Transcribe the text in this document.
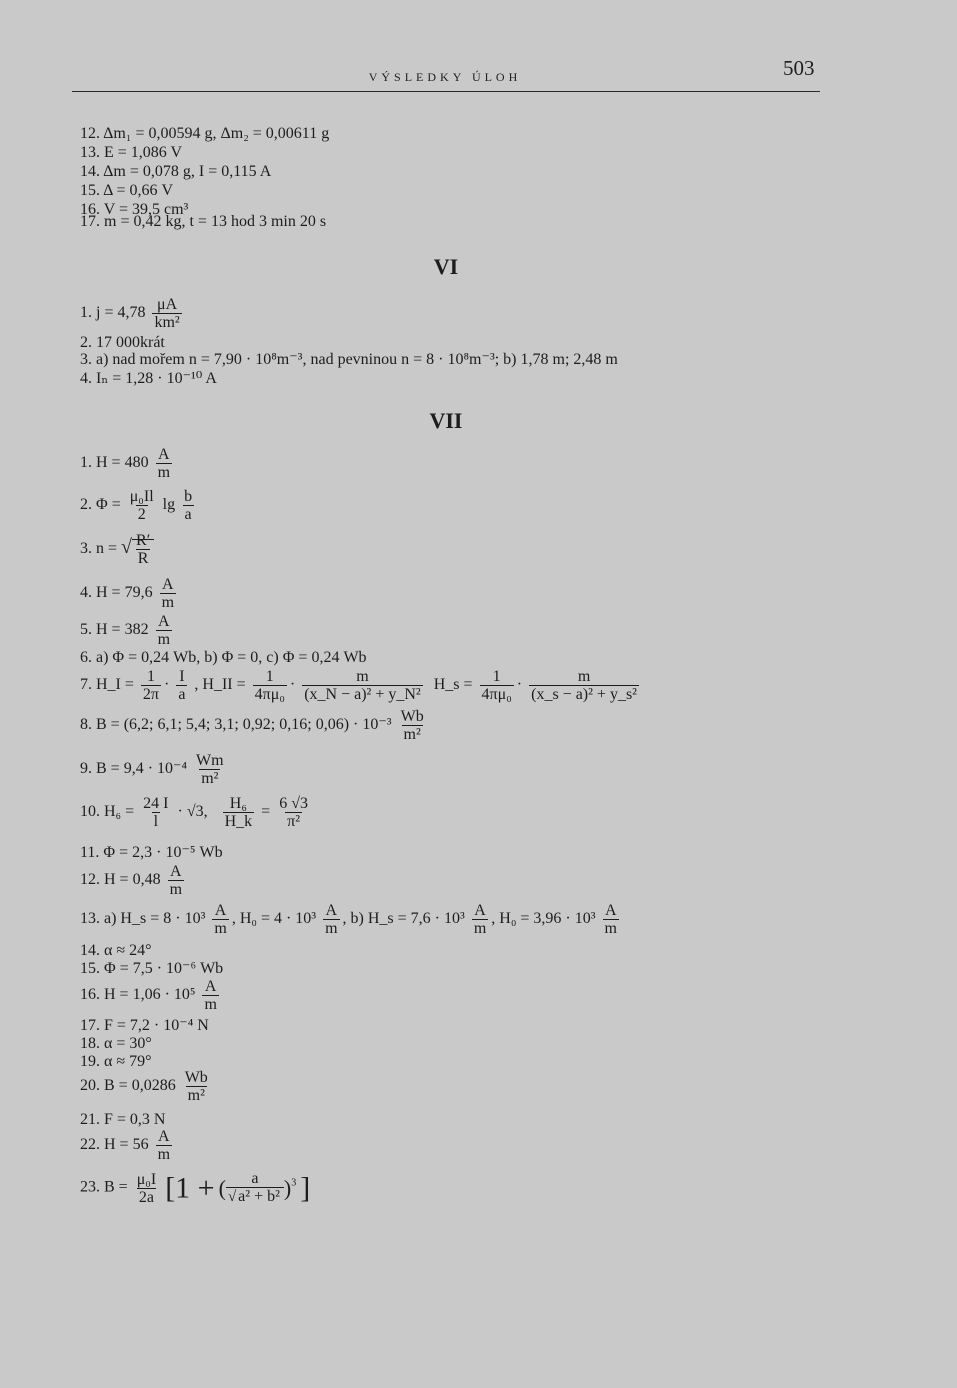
VÝSLEDKY ÚLOH	503
12. Δm₁ = 0,00594 g, Δm₂ = 0,00611 g
13. E = 1,086 V
14. Δm = 0,078 g, I = 0,115 A
15. Δ = 0,66 V
16. V = 39,5 cm³
17. m = 0,42 kg, t = 13 hod 3 min 20 s
VI
1. $j = 4,78 \frac{\mu A}{\text{km²}}$
2. 17 000krát
3. a) nad mořem n = 7,90 · 10⁸m⁻³, nad pevninou n = 8 · 10⁸m⁻³; b) 1,78 m; 2,48 m
4. Iₙ = 1,28 · 10⁻¹⁰ A
VII
1. $H = 480 \frac{A}{m}$
2. $\Phi = \frac{\text{μ₀Il}}{2}$ $\lg \frac{b}{a}$
3. n = √ $\frac{R'}{R}$
4. $H = 79,6 \frac{A}{m}$
5. $H = 382 \frac{A}{m}$
6. a) Φ = 0,24 Wb, b) Φ = 0, c) Φ = 0,24 Wb
7. H_I = $\frac{1}{2\pi} \cdot \frac{I}{a}$ , H_II = $\frac{1}{\text{4πμ₀}} \cdot \frac{m}{\text{(x\_N − a)² + y\_N²}}$ H_s = $\frac{1}{\text{4πμ₀}} \cdot \frac{m}{\text{(x\_s − a)² + y\_s²}}$
8. B = (6,2; 6,1; 5,4; 3,1; 0,92; 0,16; $0,06) \cdot 10^{-3} \frac{Wb}{\text{m²}}$
9. $B = 9,4 \cdot 10^{-4} \frac{Wm}{\text{m²}}$
10. $H_6 = \frac{24 I}{l} \cdot √3$, $\frac{\text{H₆}}{H\_k} = \frac{6 √3}{\text{π²}}$
11. Φ = 2,3 · 10⁻⁵ Wb
12. $H = 0,48 \frac{A}{m}$
13. a) H_s = $8 \cdot 10^3 \frac{A}{m}$ , $H_0 = 4 \cdot 10^3 \frac{A}{m}$ , b) H_s = $7,6 \cdot 10^3 \frac{A}{m}$ , $H_0 = 3,96 \cdot 10^3 \frac{A}{m}$
14. α ≈ 24°
15. Φ = 7,5 · 10⁻⁶ Wb
16. $H = 1,06 \cdot 10^5 \frac{A}{m}$
17. F = 7,2 · 10⁻⁴ N
18. α = 30°
19. α ≈ 79°
20. $B = 0,0286 \frac{Wb}{\text{m²}}$
21. F = 0,3 N
22. $H = 56 \frac{A}{m}$
23. $B = \frac{\text{μ₀I}}{2a} [1$ + ( $\frac{a}{\text{√ a² + b²}} )^3$ ]
